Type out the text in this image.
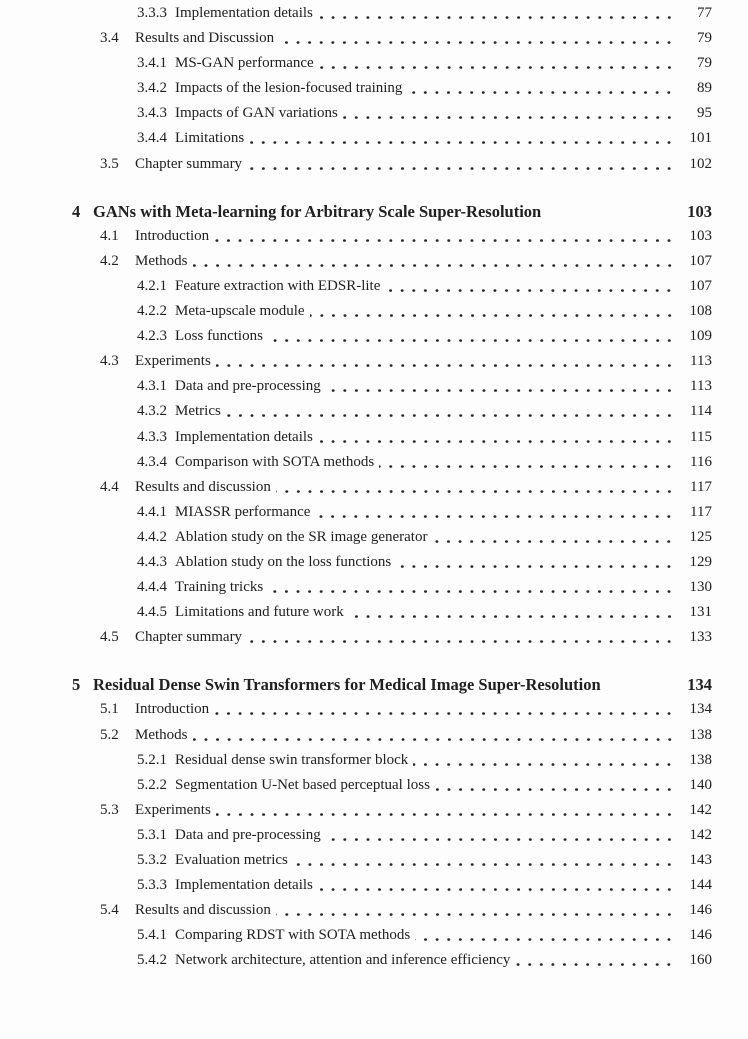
3.3.3 Implementation details	77
3.4	Results and Discussion	79
3.4.1 MS-GAN performance	79
3.4.2 Impacts of the lesion-focused training	89
3.4.3 Impacts of GAN variations	95
3.4.4 Limitations	101
3.5	Chapter summary	102
4 GANs with Meta-learning for Arbitrary Scale Super-Resolution	103
4.1	Introduction	103
4.2	Methods	107
4.2.1 Feature extraction with EDSR-lite	107
4.2.2 Meta-upscale module	108
4.2.3 Loss functions	109
4.3	Experiments	113
4.3.1 Data and pre-processing	113
4.3.2 Metrics	114
4.3.3 Implementation details	115
4.3.4 Comparison with SOTA methods	116
4.4	Results and discussion	117
4.4.1 MIASSR performance	117
4.4.2 Ablation study on the SR image generator	125
4.4.3 Ablation study on the loss functions	129
4.4.4 Training tricks	130
4.4.5 Limitations and future work	131
4.5	Chapter summary	133
5 Residual Dense Swin Transformers for Medical Image Super-Resolution	134
5.1	Introduction	134
5.2	Methods	138
5.2.1 Residual dense swin transformer block	138
5.2.2 Segmentation U-Net based perceptual loss	140
5.3	Experiments	142
5.3.1 Data and pre-processing	142
5.3.2 Evaluation metrics	143
5.3.3 Implementation details	144
5.4	Results and discussion	146
5.4.1 Comparing RDST with SOTA methods	146
5.4.2 Network architecture, attention and inference efficiency	160
